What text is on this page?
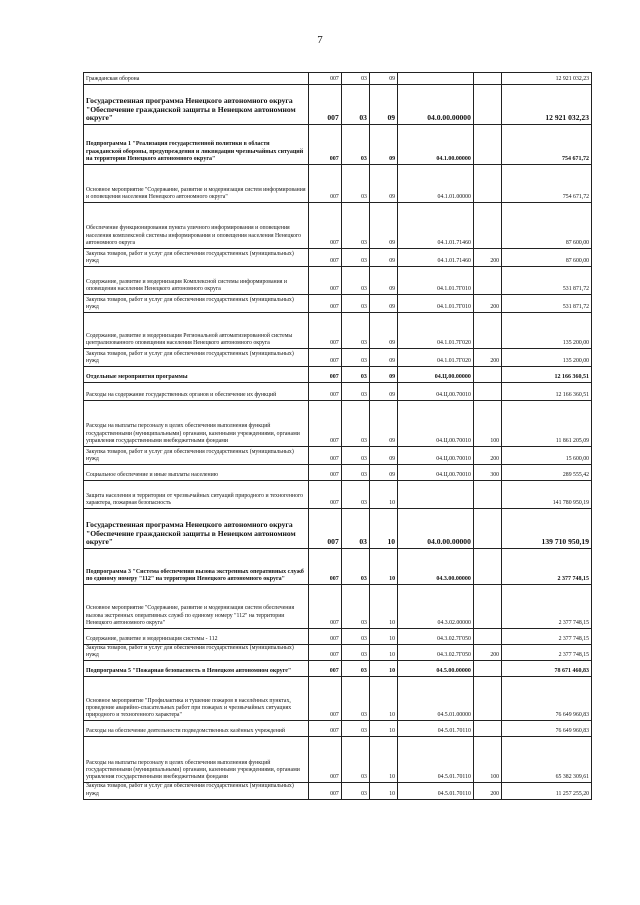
7
Гражданская оборона	007	03	09			12 921 032,23
Государственная программа Ненецкого автономного округа "Обеспечение гражданской защиты в Ненецком автономном округе"	007	03	09	04.0.00.00000		12 921 032,23
Подпрограмма 1 "Реализация государственной политики в области гражданской обороны, предупреждения и ликвидации чрезвычайных ситуаций на территории Ненецкого автономного округа"	007	03	09	04.1.00.00000		754 671,72
Основное мероприятие "Содержание, развитие и модернизация систем информирования и оповещения населения Ненецкого автономного округа"	007	03	09	04.1.01.00000		754 671,72
Обеспечение функционирования пункта уличного информирования и оповещения населения комплексной системы информирования и оповещения населения Ненецкого автономного округа	007	03	09	04.1.01.71460		87 600,00
Закупка товаров, работ и услуг для обеспечения государственных (муниципальных) нужд	007	03	09	04.1.01.71460	200	87 600,00
Содержание, развитие и модернизация Комплексной системы информирования и оповещения населения Ненецкого автономного округа	007	03	09	04.1.01.7Г010		531 871,72
Закупка товаров, работ и услуг для обеспечения государственных (муниципальных) нужд	007	03	09	04.1.01.7Г010	200	531 871,72
Содержание, развитие и модернизация Региональной автоматизированной системы централизованного оповещения населения Ненецкого автономного округа	007	03	09	04.1.01.7Г020		135 200,00
Закупка товаров, работ и услуг для обеспечения государственных (муниципальных) нужд	007	03	09	04.1.01.7Г020	200	135 200,00
Отдельные мероприятия программы	007	03	09	04.Ц.00.00000		12 166 360,51
Расходы на содержание государственных органов и обеспечение их функций	007	03	09	04.Ц.00.70010		12 166 360,51
Расходы на выплаты персоналу в целях обеспечения выполнения функций государственными (муниципальными) органами, казенными учреждениями, органами управления государственными внебюджетными фондами	007	03	09	04.Ц.00.70010	100	11 861 205,09
Закупка товаров, работ и услуг для обеспечения государственных (муниципальных) нужд	007	03	09	04.Ц.00.70010	200	15 600,00
Социальное обеспечение и иные выплаты населению	007	03	09	04.Ц.00.70010	300	289 555,42
Защита населения и территории от чрезвычайных ситуаций природного и техногенного характера, пожарная безопасность	007	03	10			141 780 950,19
Государственная программа Ненецкого автономного округа "Обеспечение гражданской защиты в Ненецком автономном округе"	007	03	10	04.0.00.00000		139 710 950,19
Подпрограмма 3 "Система обеспечения вызова экстренных оперативных служб по единому номеру "112" на территории Ненецкого автономного округа"	007	03	10	04.3.00.00000		2 377 748,15
Основное мероприятие "Содержание, развитие и модернизация систем обеспечения вызова экстренных оперативных служб по единому номеру "112" на территории Ненецкого автономного округа"	007	03	10	04.3.02.00000		2 377 748,15
Содержание, развитие и модернизация системы - 112	007	03	10	04.3.02.7Г050		2 377 748,15
Закупка товаров, работ и услуг для обеспечения государственных (муниципальных) нужд	007	03	10	04.3.02.7Г050	200	2 377 748,15
Подпрограмма 5 "Пожарная безопасность в Ненецком автономном округе"	007	03	10	04.5.00.00000		78 671 460,83
Основное мероприятие "Профилактика и тушение пожаров в населённых пунктах, проведение аварийно-спасательных работ при пожарах и чрезвычайных ситуациях природного и техногенного характера"	007	03	10	04.5.01.00000		76 649 960,83
Расходы на обеспечение деятельности подведомственных казённых учреждений	007	03	10	04.5.01.70110		76 649 960,83
Расходы на выплаты персоналу в целях обеспечения выполнения функций государственными (муниципальными) органами, казенными учреждениями, органами управления государственными внебюджетными фондами	007	03	10	04.5.01.70110	100	65 382 309,61
Закупка товаров, работ и услуг для обеспечения государственных (муниципальных) нужд	007	03	10	04.5.01.70110	200	11 257 255,20
